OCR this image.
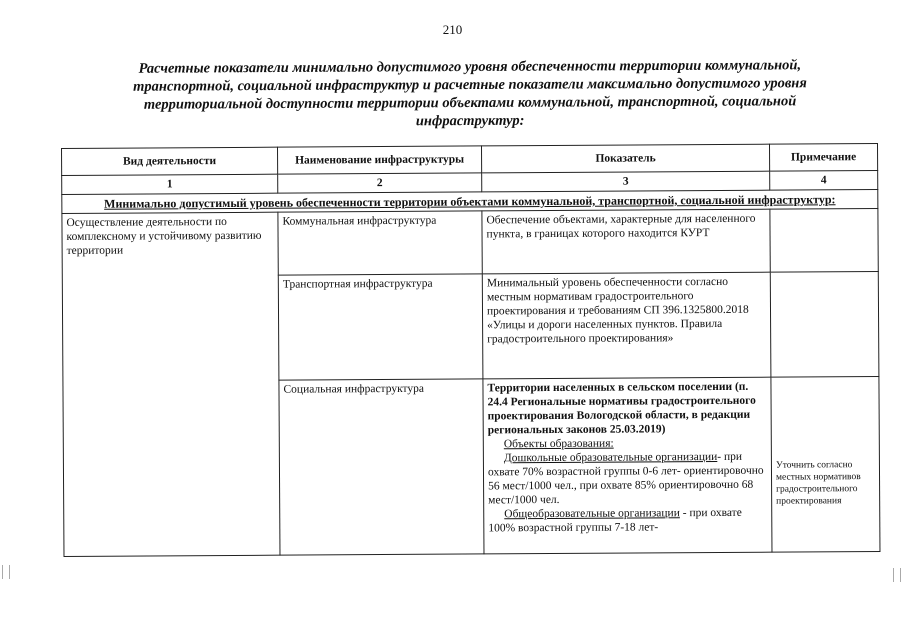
210
Расчетные показатели минимально допустимого уровня обеспеченности территории коммунальной,
транспортной, социальной инфраструктур и расчетные показатели максимально допустимого уровня
территориальной доступности территории объектами коммунальной, транспортной, социальной
инфраструктур:
Вид деятельности	Наименование инфраструктуры	Показатель	Примечание
1	2	3	4
Минимально допустимый уровень обеспеченности территории объектами коммунальной, транспортной, социальной инфраструктур:			
Осуществление деятельности по комплексному и устойчивому развитию территории	Коммунальная инфраструктура	Обеспечение объектами, характерные для населенного пункта, в границах которого находится КУРТ	
	Транспортная инфраструктура	Минимальный уровень обеспеченности согласно местным нормативам градостроительного проектирования и требованиям СП 396.1325800.2018 «Улицы и дороги населенных пунктов. Правила градостроительного проектирования»	
	Социальная инфраструктура	Территории населенных в сельском поселении (п. 24.4 Региональные нормативы градостроительного проектирования Вологодской области, в редакции региональных законов 25.03.2019)

Объекты образования:

Дошкольные образовательные организации- при охвате 70% возрастной группы 0-6 лет- ориентировочно 56 мест/1000 чел., при охвате 85% ориентировочно 68 мест/1000 чел.

Общеобразовательные организации - при охвате 100% возрастной группы 7-18 лет-	Уточнить согласно местных нормативов градостроительного проектирования
